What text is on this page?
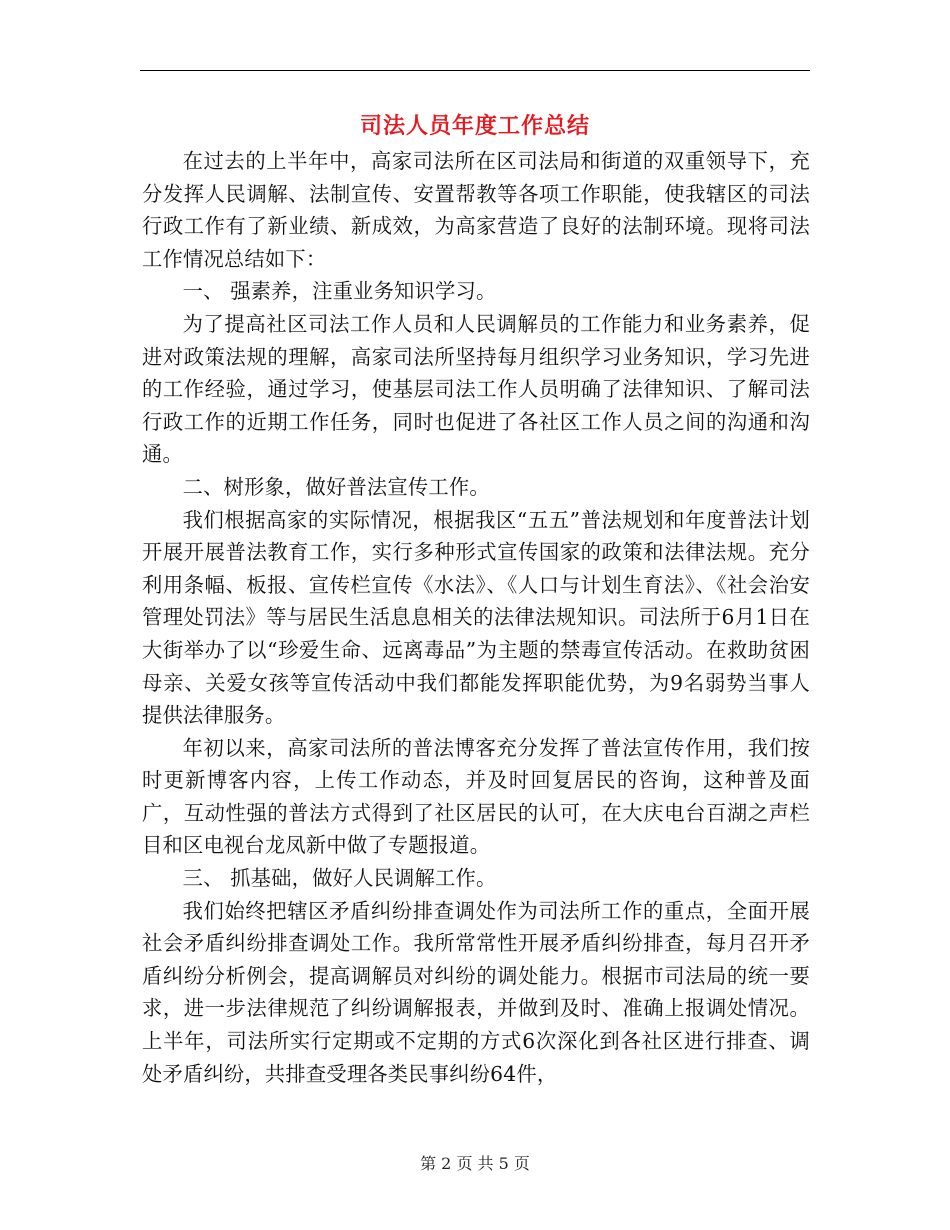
司法人员年度工作总结

在过去的上半年中，高家司法所在区司法局和街道的双重领导下，充分发挥人民调解、法制宣传、安置帮教等各项工作职能，使我辖区的司法行政工作有了新业绩、新成效，为高家营造了良好的法制环境。现将司法工作情况总结如下：

一、 强素养，注重业务知识学习。

为了提高社区司法工作人员和人民调解员的工作能力和业务素养，促进对政策法规的理解，高家司法所坚持每月组织学习业务知识，学习先进的工作经验，通过学习，使基层司法工作人员明确了法律知识、了解司法行政工作的近期工作任务，同时也促进了各社区工作人员之间的沟通和沟通。

二、树形象，做好普法宣传工作。

我们根据高家的实际情况，根据我区“五五”普法规划和年度普法计划开展开展普法教育工作，实行多种形式宣传国家的政策和法律法规。充分利用条幅、板报、宣传栏宣传《水法》、《人口与计划生育法》、《社会治安管理处罚法》等与居民生活息息相关的法律法规知识。司法所于6月1日在大街举办了以“珍爱生命、远离毒品”为主题的禁毒宣传活动。在救助贫困母亲、关爱女孩等宣传活动中我们都能发挥职能优势，为9名弱势当事人提供法律服务。

年初以来，高家司法所的普法博客充分发挥了普法宣传作用，我们按时更新博客内容，上传工作动态，并及时回复居民的咨询，这种普及面广，互动性强的普法方式得到了社区居民的认可，在大庆电台百湖之声栏目和区电视台龙凤新中做了专题报道。

三、 抓基础，做好人民调解工作。

我们始终把辖区矛盾纠纷排查调处作为司法所工作的重点，全面开展社会矛盾纠纷排查调处工作。我所常常性开展矛盾纠纷排查，每月召开矛盾纠纷分析例会，提高调解员对纠纷的调处能力。根据市司法局的统一要求，进一步法律规范了纠纷调解报表，并做到及时、准确上报调处情况。上半年，司法所实行定期或不定期的方式6次深化到各社区进行排查、调处矛盾纠纷，共排查受理各类民事纠纷64件，

第 2 页 共 5 页
